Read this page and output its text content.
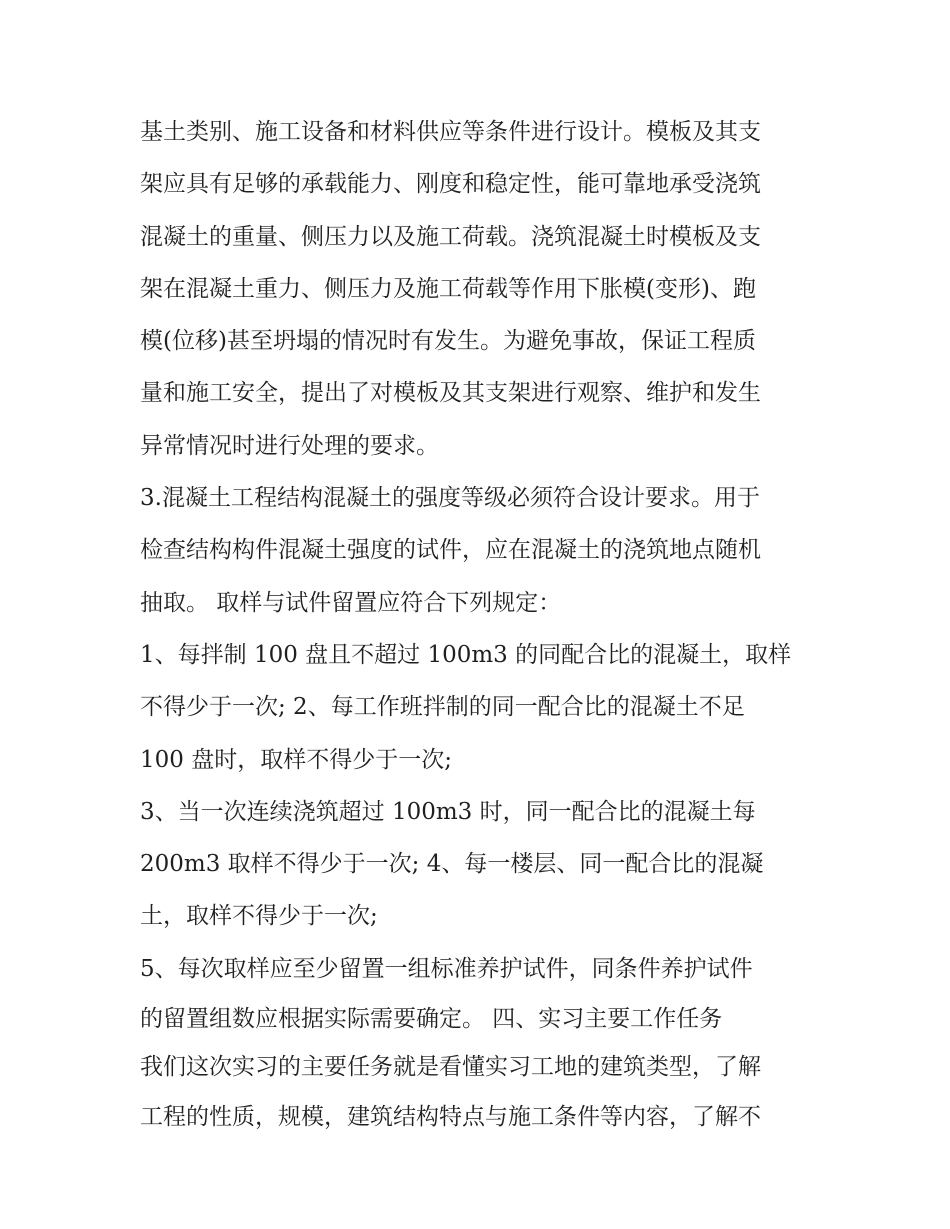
基土类别、施工设备和材料供应等条件进行设计。模板及其支
架应具有足够的承载能力、刚度和稳定性，能可靠地承受浇筑
混凝土的重量、侧压力以及施工荷载。浇筑混凝土时模板及支
架在混凝土重力、侧压力及施工荷载等作用下胀模(变形)、跑
模(位移)甚至坍塌的情况时有发生。为避免事故，保证工程质
量和施工安全，提出了对模板及其支架进行观察、维护和发生
异常情况时进行处理的要求。
3.混凝土工程结构混凝土的强度等级必须符合设计要求。用于
检查结构构件混凝土强度的试件，应在混凝土的浇筑地点随机
抽取。 取样与试件留置应符合下列规定：
1、每拌制 100 盘且不超过 100m3 的同配合比的混凝土，取样
不得少于一次; 2、每工作班拌制的同一配合比的混凝土不足
100 盘时，取样不得少于一次;
3、当一次连续浇筑超过 100m3 时，同一配合比的混凝土每
200m3 取样不得少于一次; 4、每一楼层、同一配合比的混凝
土，取样不得少于一次;
5、每次取样应至少留置一组标准养护试件，同条件养护试件
的留置组数应根据实际需要确定。 四、实习主要工作任务
我们这次实习的主要任务就是看懂实习工地的建筑类型，了解
工程的性质，规模，建筑结构特点与施工条件等内容，了解不
